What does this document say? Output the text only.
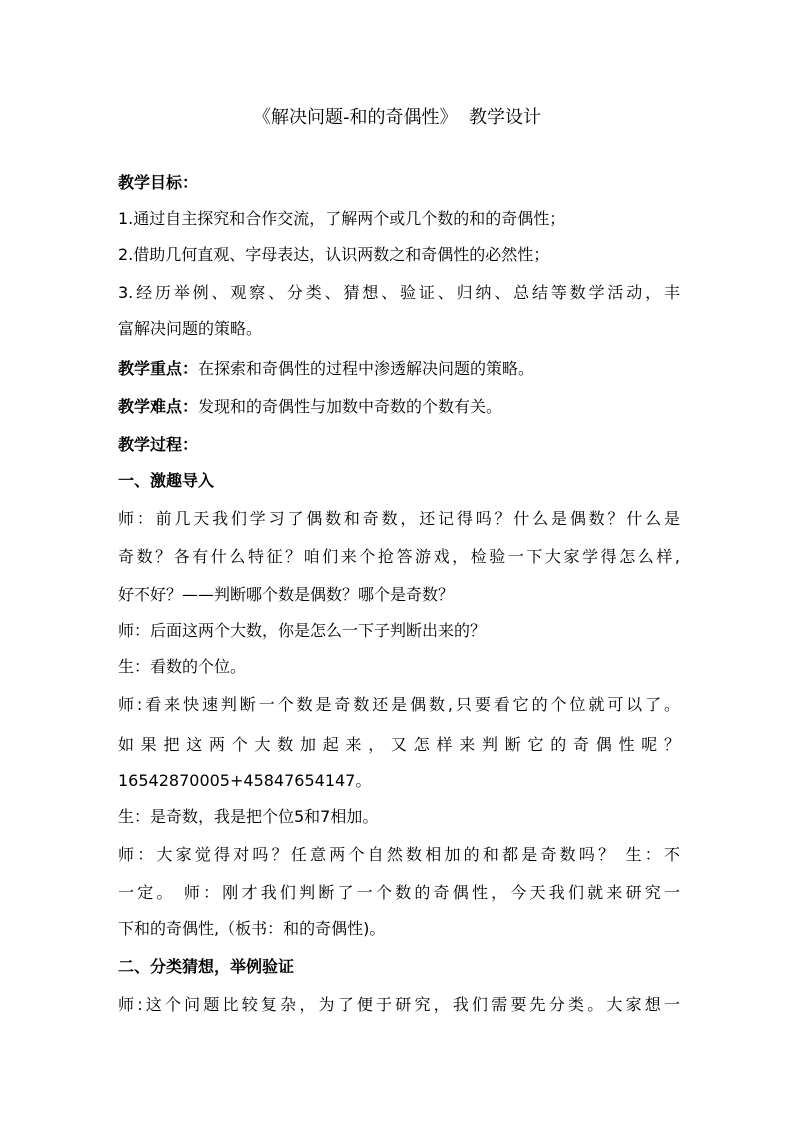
《解决问题-和的奇偶性》  教学设计
教学目标：
1.通过自主探究和合作交流，了解两个或几个数的和的奇偶性；
2.借助几何直观、字母表达，认识两数之和奇偶性的必然性；
3.经历举例、观察、分类、猜想、验证、归纳、总结等数学活动，丰
富解决问题的策略。
教学重点：在探索和奇偶性的过程中渗透解决问题的策略。
教学难点：发现和的奇偶性与加数中奇数的个数有关。
教学过程：
一、激趣导入
师：前几天我们学习了偶数和奇数，还记得吗？什么是偶数？什么是
奇数？各有什么特征？咱们来个抢答游戏，检验一下大家学得怎么样,
好不好？——判断哪个数是偶数？哪个是奇数？
师：后面这两个大数，你是怎么一下子判断出来的？
生：看数的个位。
师:看来快速判断一个数是奇数还是偶数,只要看它的个位就可以了。
如果把这两个大数加起来，又怎样来判断它的奇偶性呢？
16542870005+45847654147。
生：是奇数，我是把个位5和7相加。
师：大家觉得对吗？任意两个自然数相加的和都是奇数吗？ 生：不
一定。 师：刚才我们判断了一个数的奇偶性，今天我们就来研究一
下和的奇偶性,（板书：和的奇偶性)。
二、分类猜想，举例验证
师:这个问题比较复杂，为了便于研究，我们需要先分类。大家想一
